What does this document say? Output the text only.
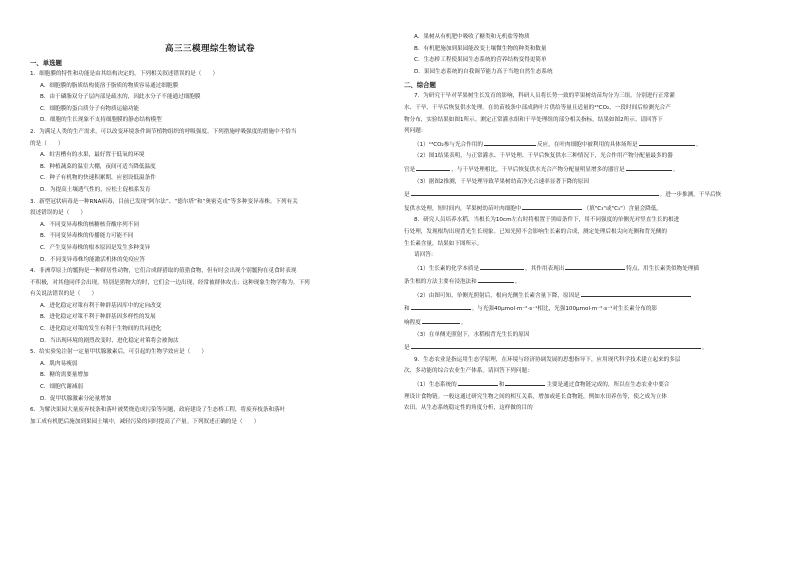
高三三模理综生物试卷
一、单选题
1．细胞膜的特性和功能是由其结构决定的。下列相关叙述错误的是（　　）
A．细胞膜的脂质结构使溶于脂质的物质容易通过细胞膜
B．由于磷脂双分子层内部是疏水的，因此水分子不能通过细胞膜
C．细胞膜的蛋白质分子有物质运输功能
D．细胞的生长现象不支持细胞膜的静态结构模型
2．为满足人类的生产需求，可以改变环境条件调节植物组织的呼吸强度。下列措施呼吸强度的措施中不恰当
的是（　　）
A．蛀害槽有的水果，最好置于低氧的环境
B．种植蔬菜的温室大棚，夜间可适当降低温度
C．种子有机物的快速积累期，应创设低温条件
D．为提高土壤透气性的，应松土促根系发育
3．新型冠状病毒是一种RNA病毒，目前已发现“阿尔法”、“德尔塔”和“奥密克戎”等多种变异毒株。下列有关
叙述错误的是（　　）
A．不同变异毒株的核糖核苷酸序列不同
B．不同变异毒株的传播能力可能不同
C．产生变异毒株的根本原因是发生多种变异
D．不同变异毒株均能激活机体的免疫应答
4．非洲草原上的鬣狗是一种群居性动物，它们合成群猎取的值猎食物，但有时会出现个别鬣狗在觅食时表现
不积极，对其他同伴会出现，特别是猎物大的时，它们会一边出现，经常被群体攻击；这种现象生物学称为。下列
有关说法错误的是（　　）
A．进化稳定对策有利于种群基因库中的定向改变
B．进化稳定对策不利于种群基因多样性的发展
C．进化稳定对策的发生有利于生物间的共同进化
D．当出现环境的剧烈改变时，进化稳定对策将会被淘汰
5．给实验兔注射一定量甲状腺激素后，可引起的生物学效应是（　　）
A．肌肉易瘦弱
B．糖的需要量增加
C．细胞代谢减弱
D．促甲状腺激素分泌量增加
6．为解决果园大量废弃枝条和落叶被焚烧造成污染等问题，政府建设了生态桥工程，将废弃枝条和落叶
加工成有机肥后施加到果园土壤中，减轻污染的同时提高了产量。下列叙述正确的是（　　）
A．果树从有机肥中吸收了糖类和无机盐等物质
B．有机肥施加到果园能改变土壤微生物的种类和数量
C．生态桥工程使果园生态系统的营养结构变得更简单
D．果园生态系统的自我调节能力高于当地自然生态系统
二、综合题
7．为研究干旱对苹果树生长发育的影响，科研人员将长势一致的苹果树幼苗均分为三组，分别进行正常灌
水、干旱、干旱后恢复供水处理。在幼苗枝条中部成熟叶片供给等量且适量的¹³CO₂，一段时间后检测光合产
物分布，实验结果如图1所示。测定正常灌水组和干旱处理组的部分相关指标，结果如图2所示。请回答下
列问题：
（1）¹³CO₂参与光合作用的	反应，在叶肉细胞中被利用的具体场所是	。
（2）图1结果表明，与正常灌水、干旱处理、干旱后恢复供水三种情况下，光合作用产物分配量最多的器
官是	，与干旱处理相比，干旱后恢复供水光合产物分配量明显增多的器官是	。
（3）据图2推测，干旱处理导致苹果树幼苗净光合速率显著下降的原因
是	。进一步推测，干旱后恢
复供水处理，短时间内，苹果树幼苗叶肉细胞中	（填"C₃"或"C₅"）含量会降低。
8．研究人员培养水稻，当根长为10cm左右时将根置于黑暗条件下，用不同强度的单侧光对竖直生长的根进
行处理，发现根均出现背光生长现象。已知光照不会影响生长素的合成，测定处理后根尖向光侧和背光侧的
生长素含量，结果如下图所示。
请回答：
（1）生长素的化学本质是	，其作用表现出	特点，用生长素类似物处理插
条生根的方法主要有浸泡法和	。
（2）由图可知，单侧光照射后，根向光侧生长素含量下降，原因是
和	。与光强40μmol·m⁻²·s⁻¹相比，光强100μmol·m⁻²·s⁻¹对生长素分布的影
响程度	。
（3）在单侧光照射下，水稻根背光生长的原因
是	。
9．生态农业是指运用生态学原理，在环境与经济协调发展的思想指导下，应用现代科学技术建立起来的多层
次、多功能的综合农业生产体系。请回答下列问题：
（1）生态系统的	和	主要是通过食物链完成的，所以在生态农业中要合
理设计食物链。一般这通过研究生物之间的相互关系，增加或延长食物链，例如水田养鱼等，使之成为立体
农田。从生态系统稳定性的角度分析，这样做的目的
